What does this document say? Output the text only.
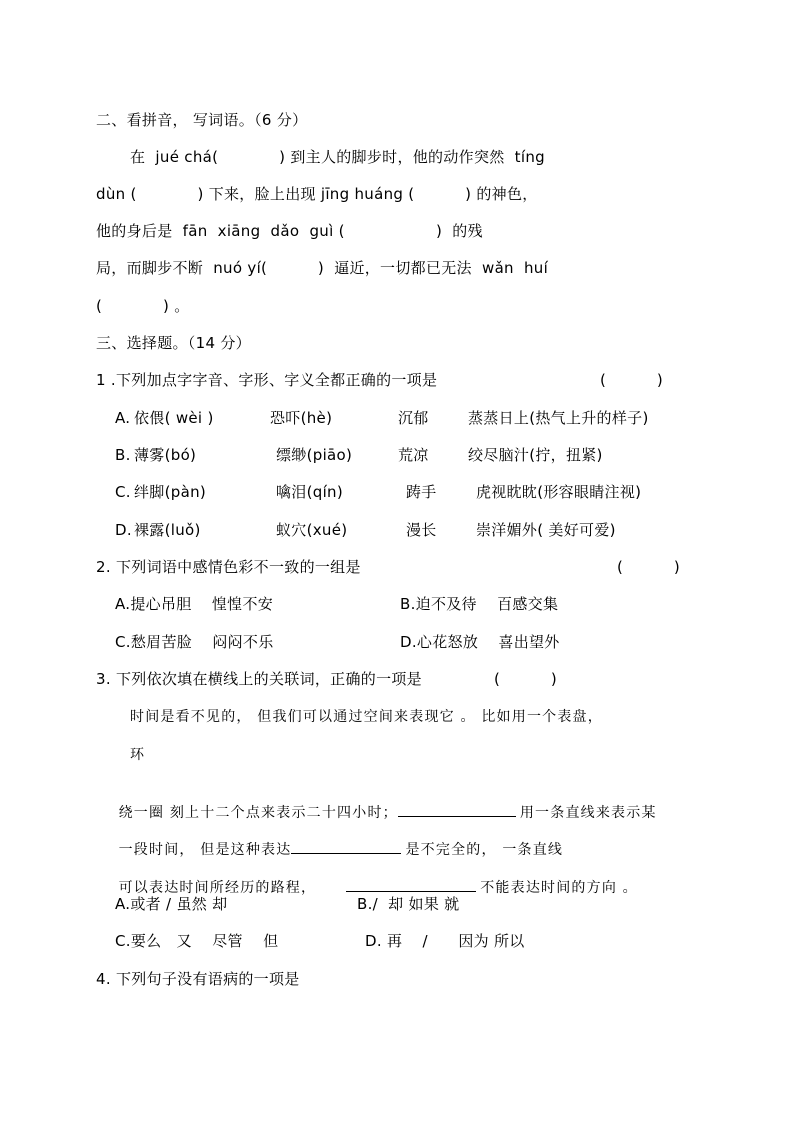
二、看拼音， 写词语。（6 分）
在  jué chá(            ) 到主人的脚步时，他的动作突然  tíng
dùn (            ) 下来，脸上出现 jīng huáng (          ) 的神色，
他的身后是  fān  xiāng  dǎo  guì (                  )  的残
局，而脚步不断  nuó yí(          )  逼近，一切都已无法  wǎn  huí
(            ) 。
三、选择题。（14 分）
1 .下列加点字字音、字形、字义全都正确的一项是	(          )
A. 依偎( wèi )	恐吓(hè)	沉郁	蒸蒸日上(热气上升的样子)
B. 薄雾(bó)	缥缈(piāo)	荒凉	绞尽脑汁(拧，扭紧)
C. 绊脚(pàn)	噙泪(qín)	踌手	虎视眈眈(形容眼睛注视)
D. 裸露(luǒ)	蚁穴(xué)	漫长	崇洋媚外( 美好可爱)
2. 下列词语中感情色彩不一致的一组是	(          )
A.提心吊胆    惶惶不安	B.迫不及待    百感交集
C.愁眉苦脸    闷闷不乐	D.心花怒放    喜出望外
3. 下列依次填在横线上的关联词，正确的一项是	(          )
时间是看不见的， 但我们可以通过空间来表现它 。 比如用一个表盘，
环

绕一圈 刻上十二个点来表示二十四小时；	用一条直线来表示某

一段时间， 但是这种表达	是不完全的， 一条直线

可以表达时间所经历的路程，	不能表达时间的方向 。

A.或者 / 虽然 却	B./  却 如果 就
C.要么   又    尽管    但	D. 再    /      因为 所以
4. 下列句子没有语病的一项是
